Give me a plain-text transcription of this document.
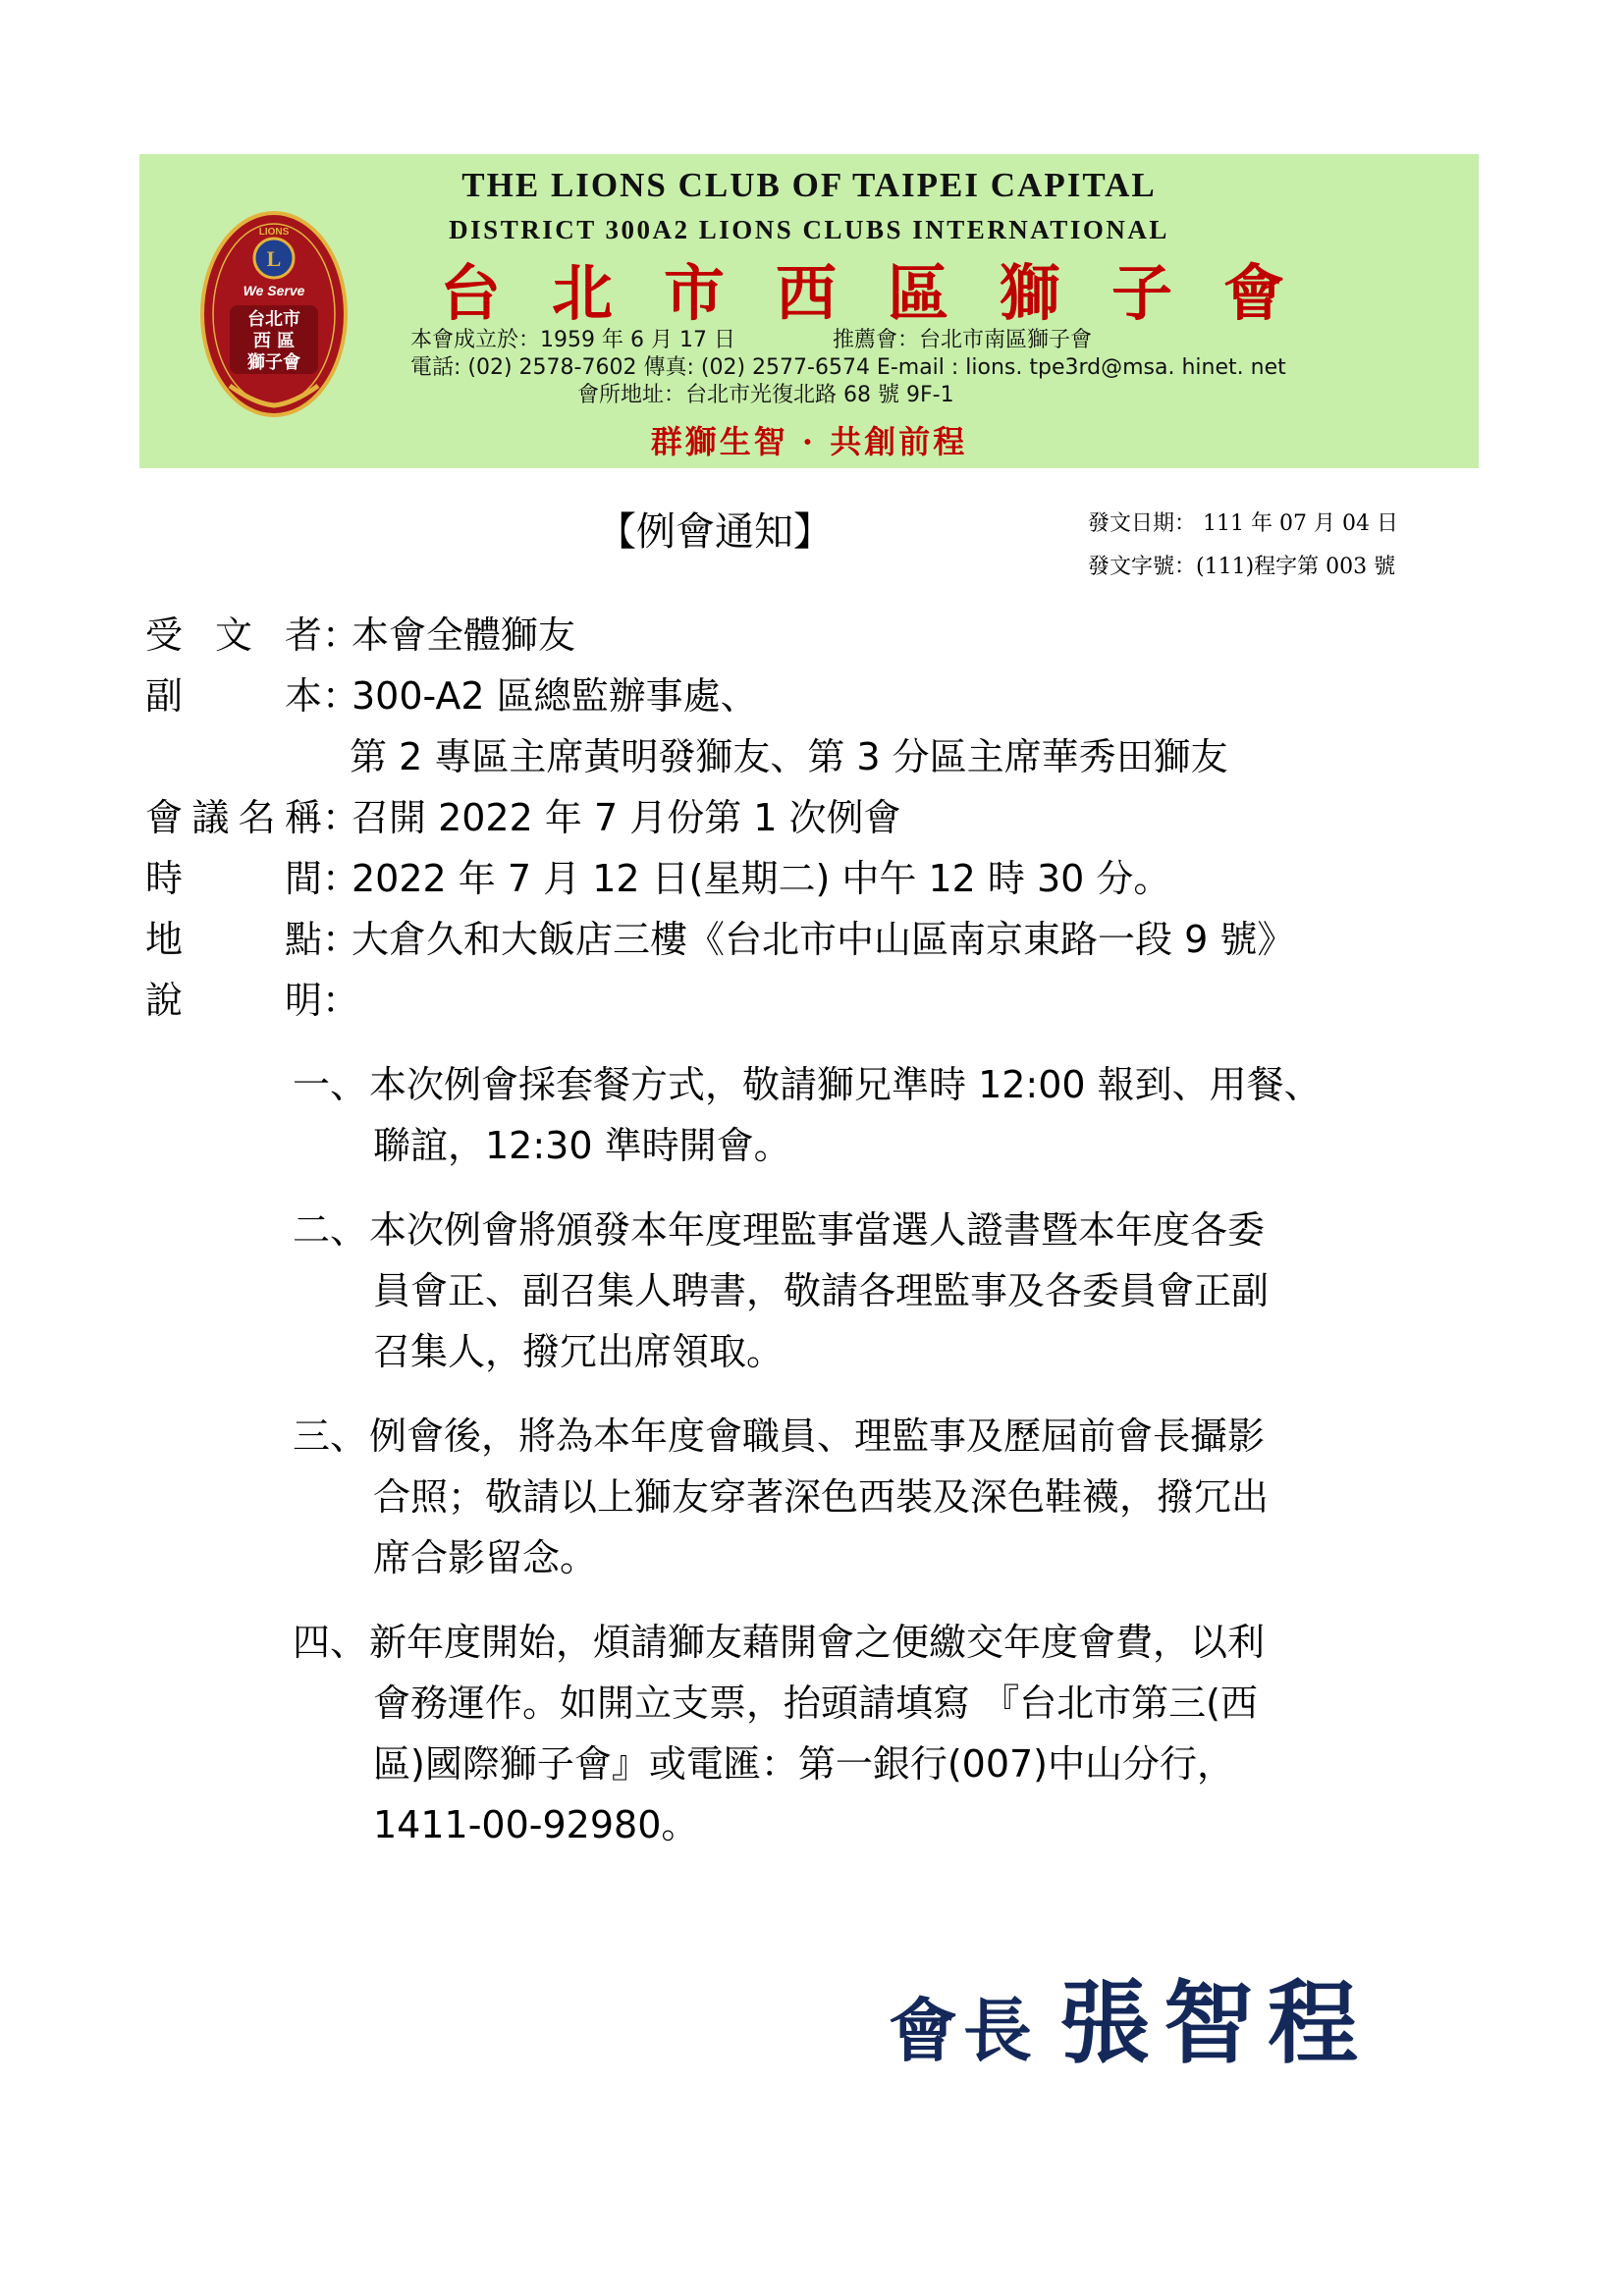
L
LIONS
We Serve
台北市
西 區
獅子會
THE LIONS CLUB OF TAIPEI CAPITAL
DISTRICT 300A2 LIONS CLUBS INTERNATIONAL
台北市西區獅子會
本會成立於：1959 年 6 月 17 日	推薦會：台北市南區獅子會
電話: (02) 2578-7602 傳真: (02) 2577-6574 E-mail : lions. tpe3rd@msa. hinet. net
會所地址：台北市光復北路 68 號 9F-1
群獅生智 · 共創前程
【例會通知】	發文日期： 111 年 07 月 04 日
發文字號：(111)程字第 003 號
受文者：本會全體獅友
副本：300-A2 區總監辦事處、
第 2 專區主席黃明發獅友、第 3 分區主席華秀田獅友
會議名稱：召開 2022 年 7 月份第 1 次例會
時間：2022 年 7 月 12 日(星期二) 中午 12 時 30 分。
地點：大倉久和大飯店三樓《台北市中山區南京東路一段 9 號》
說明：
一、 本次例會採套餐方式，敬請獅兄準時 12:00 報到、用餐、
聯誼，12:30 準時開會。
二、 本次例會將頒發本年度理監事當選人證書暨本年度各委
員會正、副召集人聘書，敬請各理監事及各委員會正副
召集人，撥冗出席領取。
三、 例會後，將為本年度會職員、理監事及歷屆前會長攝影
合照；敬請以上獅友穿著深色西裝及深色鞋襪，撥冗出
席合影留念。
四、 新年度開始，煩請獅友藉開會之便繳交年度會費，以利
會務運作。如開立支票，抬頭請填寫 『台北市第三(西
區)國際獅子會』或電匯：第一銀行(007)中山分行，
1411-00-92980。
會長 張智程
